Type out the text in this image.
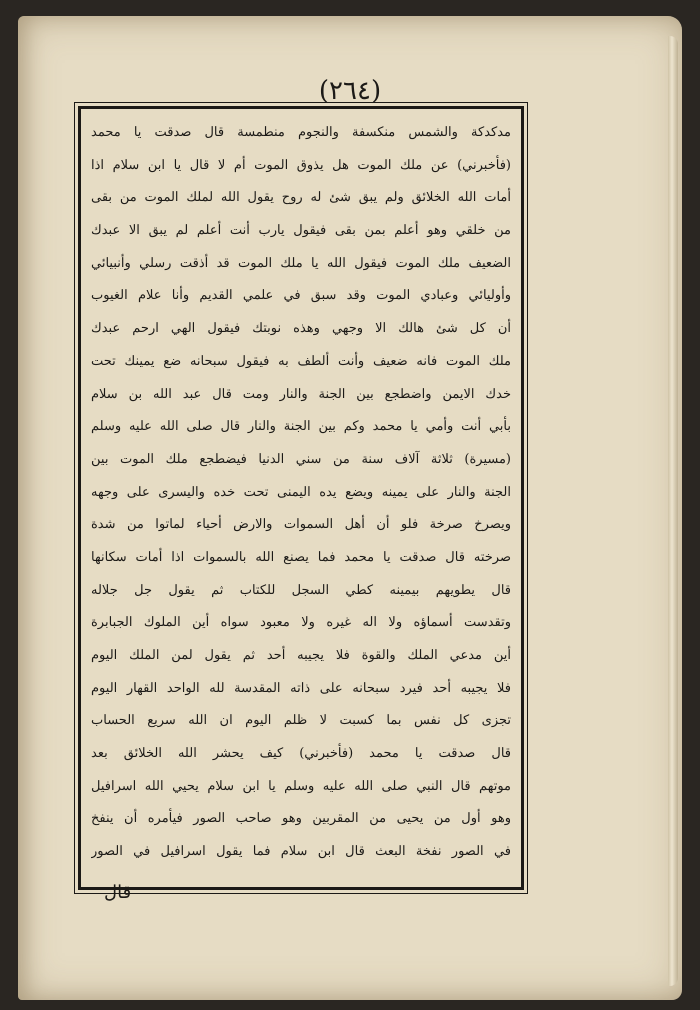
(٢٦٤)
مدكدكة والشمس منكسفة والنجوم منطمسة قال صدقت يا محمد
(فأخبرني) عن ملك الموت هل يذوق الموت أم لا قال يا ابن سلام اذا
أمات الله الخلائق ولم يبق شئ له روح يقول الله لملك الموت من بقى
من خلقي وهو أعلم بمن بقى فيقول يارب أنت أعلم لم يبق الا عبدك
الضعيف ملك الموت فيقول الله يا ملك الموت قد أذقت رسلي وأنبيائي
وأوليائي وعبادي الموت وقد سبق في علمي القديم وأنا علام الغيوب
أن كل شئ هالك الا وجهي وهذه نوبتك فيقول الهي ارحم عبدك
ملك الموت فانه ضعيف وأنت ألطف به فيقول سبحانه ضع يمينك تحت
خدك الايمن واضطجع بين الجنة والنار ومت قال عبد الله بن سلام
بأبي أنت وأمي يا محمد وكم بين الجنة والنار قال صلى الله عليه وسلم
(مسيرة) ثلاثة آلاف سنة من سني الدنيا فيضطجع ملك الموت بين
الجنة والنار على يمينه ويضع يده اليمنى تحت خده واليسرى على وجهه
ويصرخ صرخة فلو أن أهل السموات والارض أحياء لماتوا من شدة
صرخته قال صدقت يا محمد فما يصنع الله بالسموات اذا أمات سكانها
قال يطويهم بيمينه كطي السجل للكتاب ثم يقول جل جلاله
وتقدست أسماؤه ولا اله غيره ولا معبود سواه أين الملوك الجبابرة
أين مدعي الملك والقوة فلا يجيبه أحد ثم يقول لمن الملك اليوم
فلا يجيبه أحد فيرد سبحانه على ذاته المقدسة لله الواحد القهار اليوم
تجزى كل نفس بما كسبت لا ظلم اليوم ان الله سريع الحساب
قال صدقت يا محمد (فأخبرني) كيف يحشر الله الخلائق بعد
موتهم قال النبي صلى الله عليه وسلم يا ابن سلام يحيي الله اسرافيل
وهو أول من يحيى من المقربين وهو صاحب الصور فيأمره أن ينفخ
في الصور نفخة البعث قال ابن سلام فما يقول اسرافيل في الصور
قال
